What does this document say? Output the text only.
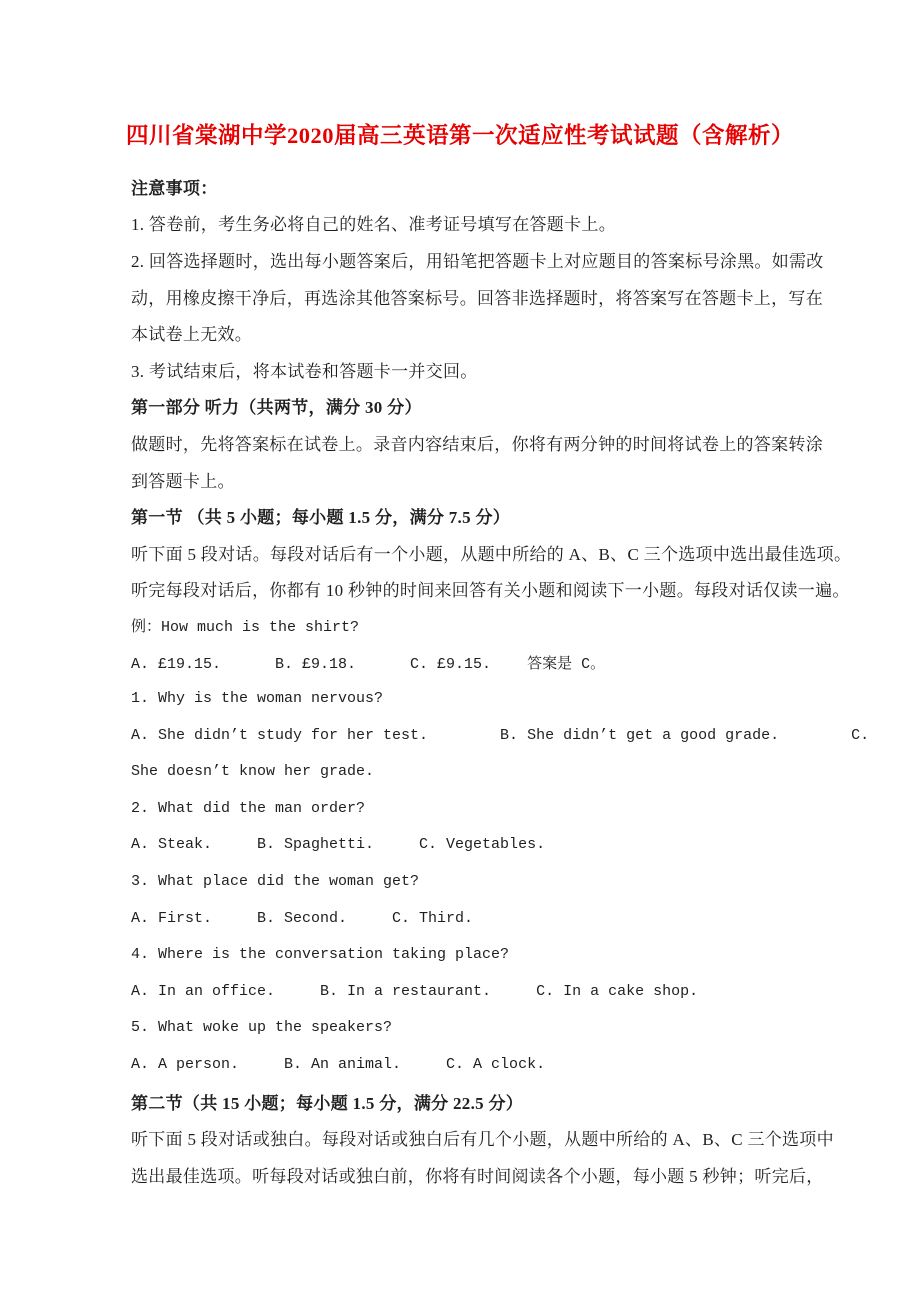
四川省棠湖中学2020届高三英语第一次适应性考试试题（含解析）
注意事项：
1. 答卷前，考生务必将自己的姓名、准考证号填写在答题卡上。
2. 回答选择题时，选出每小题答案后，用铅笔把答题卡上对应题目的答案标号涂黑。如需改
动，用橡皮擦干净后，再选涂其他答案标号。回答非选择题时，将答案写在答题卡上，写在
本试卷上无效。
3. 考试结束后，将本试卷和答题卡一并交回。
第一部分 听力（共两节，满分 30 分）
做题时，先将答案标在试卷上。录音内容结束后，你将有两分钟的时间将试卷上的答案转涂
到答题卡上。
第一节 （共 5 小题；每小题 1.5 分，满分 7.5 分）
听下面 5 段对话。每段对话后有一个小题，从题中所给的 A、B、C 三个选项中选出最佳选项。
听完每段对话后，你都有 10 秒钟的时间来回答有关小题和阅读下一小题。每段对话仅读一遍。
例：How much is the shirt?
A. £19.15.      B. £9.18.      C. £9.15.    答案是 C。
1. Why is the woman nervous?
A. She didn’t study for her test.        B. She didn’t get a good grade.        C.
She doesn’t know her grade.
2. What did the man order?
A. Steak.     B. Spaghetti.     C. Vegetables.
3. What place did the woman get?
A. First.     B. Second.     C. Third.
4. Where is the conversation taking place?
A. In an office.     B. In a restaurant.     C. In a cake shop.
5. What woke up the speakers?
A. A person.     B. An animal.     C. A clock.
第二节（共 15 小题；每小题 1.5 分，满分 22.5 分）
听下面 5 段对话或独白。每段对话或独白后有几个小题，从题中所给的 A、B、C 三个选项中
选出最佳选项。听每段对话或独白前，你将有时间阅读各个小题，每小题 5 秒钟；听完后，
